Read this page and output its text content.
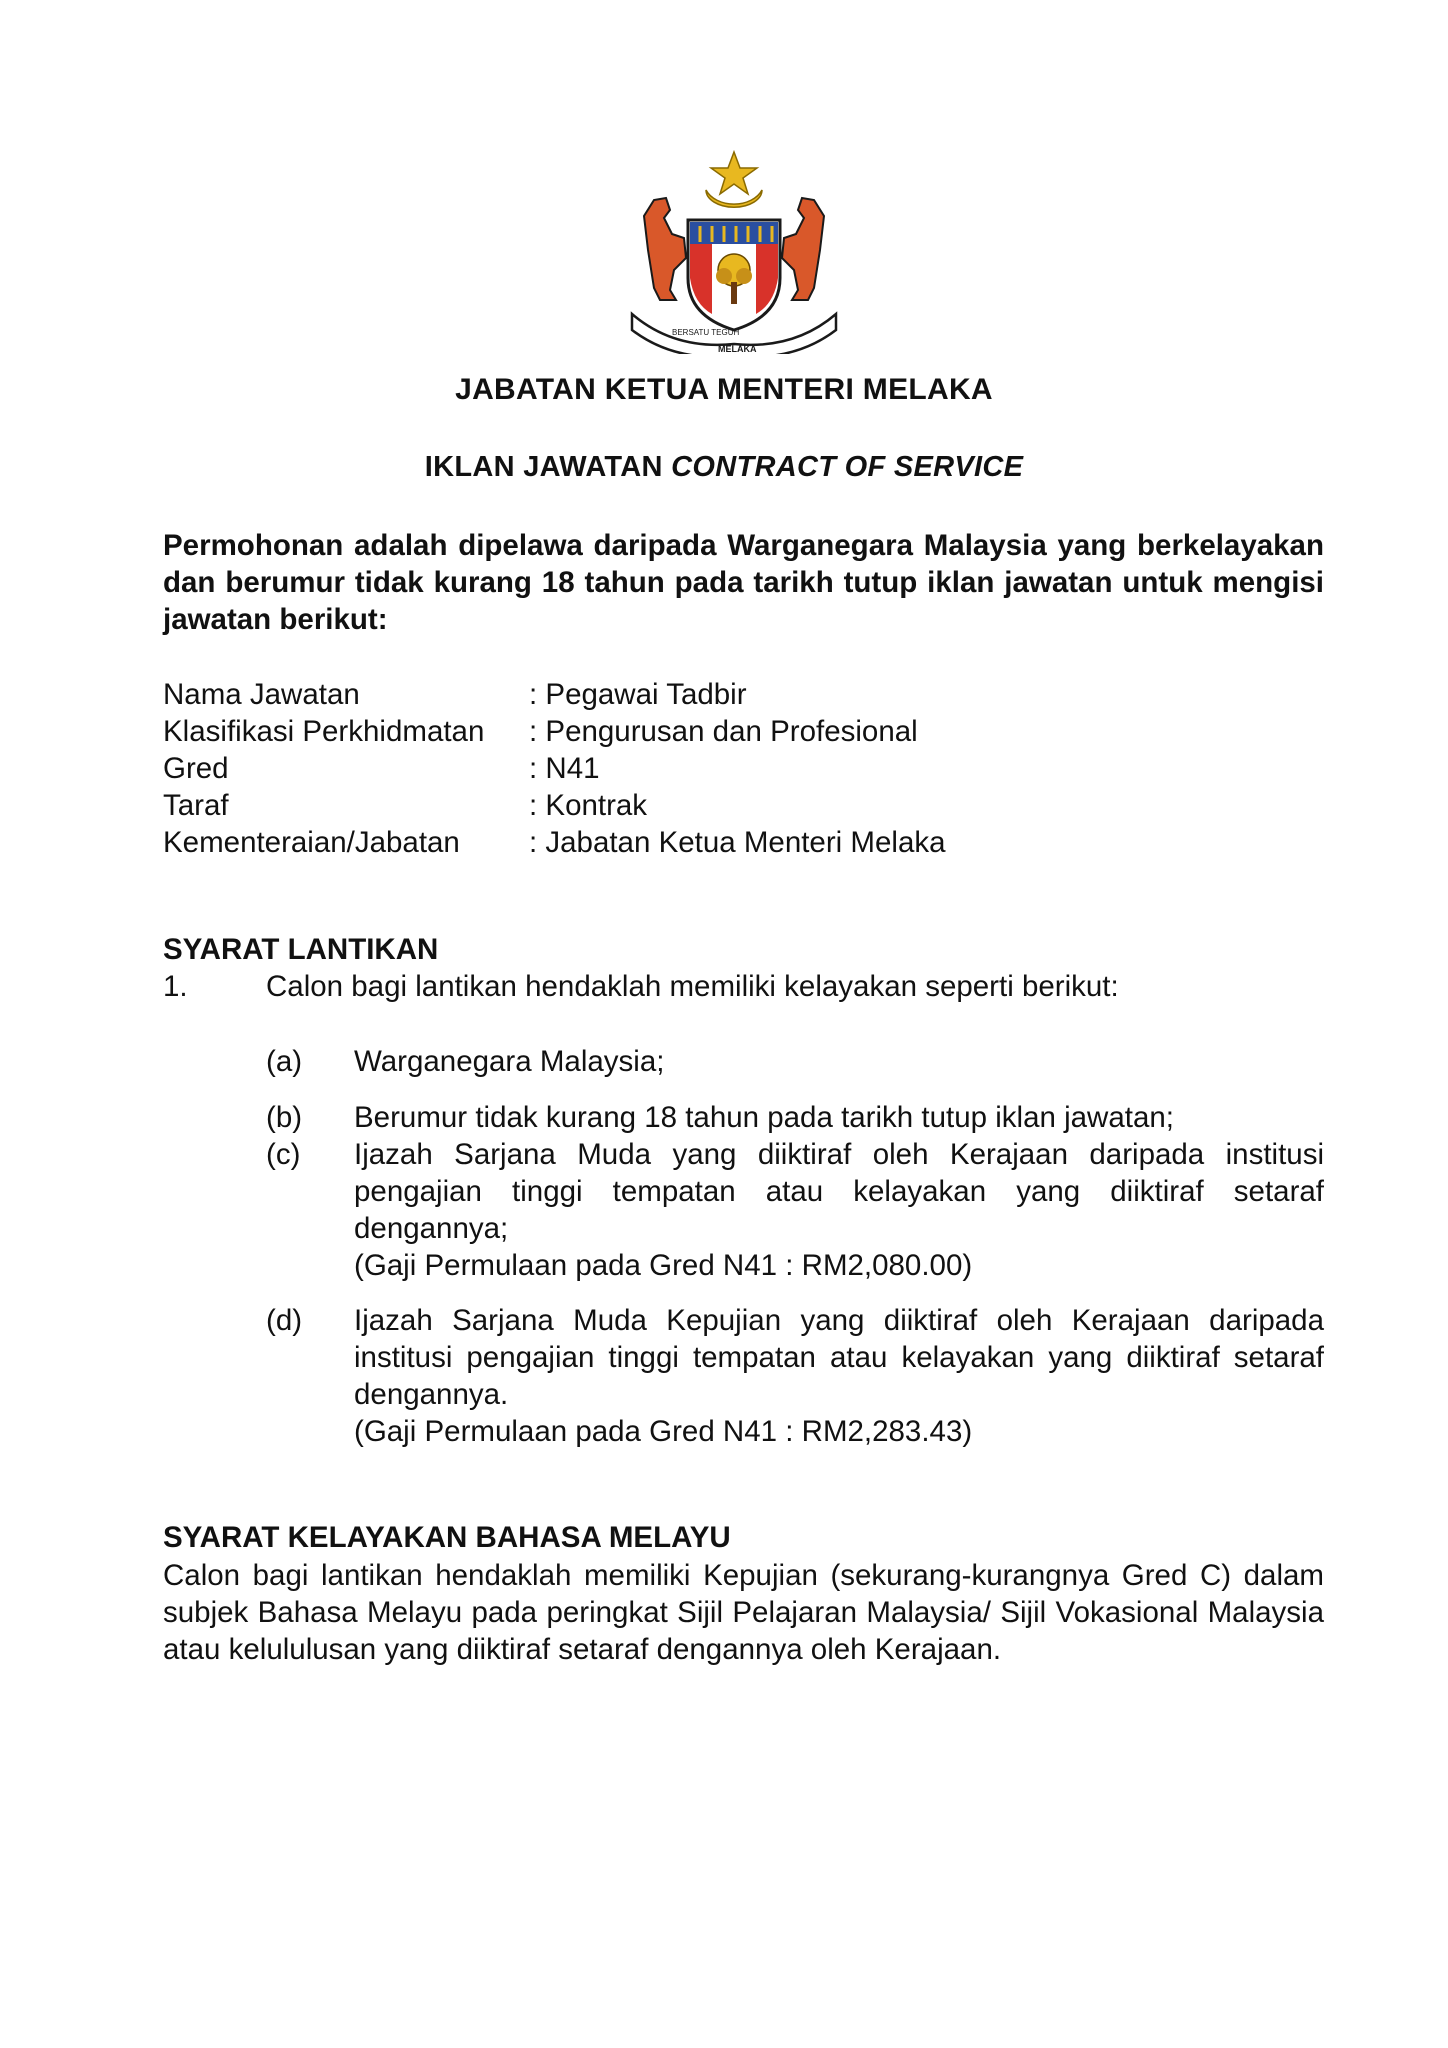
BERSATU TEGUH
MELAKA
JABATAN KETUA MENTERI MELAKA
IKLAN JAWATAN CONTRACT OF SERVICE
Permohonan adalah dipelawa daripada Warganegara Malaysia yang berkelayakan dan berumur tidak kurang 18 tahun pada tarikh tutup iklan jawatan untuk mengisi jawatan berikut:
Nama Jawatan	: Pegawai Tadbir
Klasifikasi Perkhidmatan	: Pengurusan dan Profesional
Gred	: N41
Taraf	: Kontrak
Kementeraian/Jabatan	: Jabatan Ketua Menteri Melaka
SYARAT LANTIKAN
1.	Calon bagi lantikan hendaklah memiliki kelayakan seperti berikut:
(a)	Warganegara Malaysia;
(b)	Berumur tidak kurang 18 tahun pada tarikh tutup iklan jawatan;
(c)	Ijazah Sarjana Muda yang diiktiraf oleh Kerajaan daripada institusi pengajian tinggi tempatan atau kelayakan yang diiktiraf setaraf dengannya;
(Gaji Permulaan pada Gred N41 : RM2,080.00)
(d)	Ijazah Sarjana Muda Kepujian yang diiktiraf oleh Kerajaan daripada institusi pengajian tinggi tempatan atau kelayakan yang diiktiraf setaraf dengannya.
(Gaji Permulaan pada Gred N41 : RM2,283.43)
SYARAT KELAYAKAN BAHASA MELAYU
Calon bagi lantikan hendaklah memiliki Kepujian (sekurang-kurangnya Gred C) dalam subjek Bahasa Melayu pada peringkat Sijil Pelajaran Malaysia/ Sijil Vokasional Malaysia atau kelululusan yang diiktiraf setaraf dengannya oleh Kerajaan.
